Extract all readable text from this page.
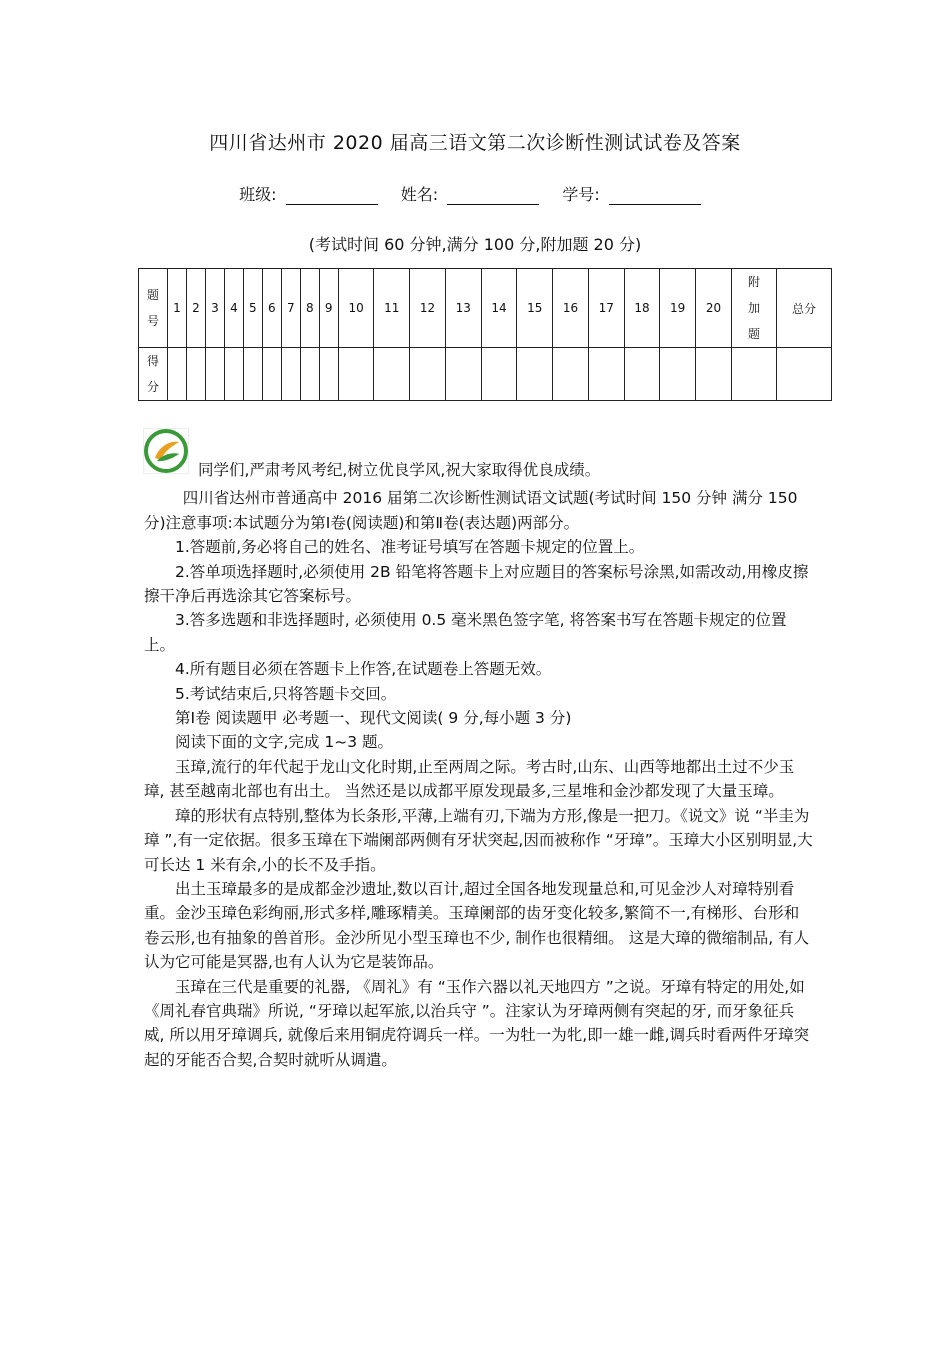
四川省达州市 2020 届高三语文第二次诊断性测试试卷及答案
班级:	姓名:	学号:
(考试时间 60 分钟,满分 100 分,附加题 20 分)
题号	1	2	3	4	5	6	7	8	9	10	11	12	13	14	15	16	17	18	19	20	附加题	总分

得分																						

同学们,严肃考风考纪,树立优良学风,祝大家取得优良成绩。

四川省达州市普通高中 2016 届第二次诊断性测试语文试题(考试时间 150 分钟 满分 150 分)注意事项:本试题分为第Ⅰ卷(阅读题)和第Ⅱ卷(表达题)两部分。

1.答题前,务必将自己的姓名、准考证号填写在答题卡规定的位置上。

2.答单项选择题时,必须使用 2B 铅笔将答题卡上对应题目的答案标号涂黑,如需改动,用橡皮擦擦干净后再选涂其它答案标号。

3.答多选题和非选择题时, 必须使用 0.5 毫米黑色签字笔, 将答案书写在答题卡规定的位置上。

4.所有题目必须在答题卡上作答,在试题卷上答题无效。

5.考试结束后,只将答题卡交回。

第Ⅰ卷 阅读题甲 必考题一、现代文阅读( 9 分,每小题 3 分)

阅读下面的文字,完成 1~3 题。

玉璋,流行的年代起于龙山文化时期,止至两周之际。考古时,山东、山西等地都出土过不少玉璋, 甚至越南北部也有出土。 当然还是以成都平原发现最多,三星堆和金沙都发现了大量玉璋。

璋的形状有点特别,整体为长条形,平薄,上端有刃,下端为方形,像是一把刀。《说文》说 “半圭为璋 ”,有一定依据。很多玉璋在下端阑部两侧有牙状突起,因而被称作 “牙璋”。玉璋大小区别明显,大可长达 1 米有余,小的长不及手指。

出土玉璋最多的是成都金沙遗址,数以百计,超过全国各地发现量总和,可见金沙人对璋特别看重。金沙玉璋色彩绚丽,形式多样,雕琢精美。玉璋阑部的齿牙变化较多,繁简不一,有梯形、台形和卷云形,也有抽象的兽首形。金沙所见小型玉璋也不少, 制作也很精细。 这是大璋的微缩制品, 有人认为它可能是冥器,也有人认为它是装饰品。

玉璋在三代是重要的礼器, 《周礼》有 “玉作六器以礼天地四方 ”之说。牙璋有特定的用处,如《周礼春官典瑞》所说, “牙璋以起军旅,以治兵守 ”。注家认为牙璋两侧有突起的牙, 而牙象征兵威, 所以用牙璋调兵, 就像后来用铜虎符调兵一样。一为牡一为牝,即一雄一雌,调兵时看两件牙璋突起的牙能否合契,合契时就听从调遣。
